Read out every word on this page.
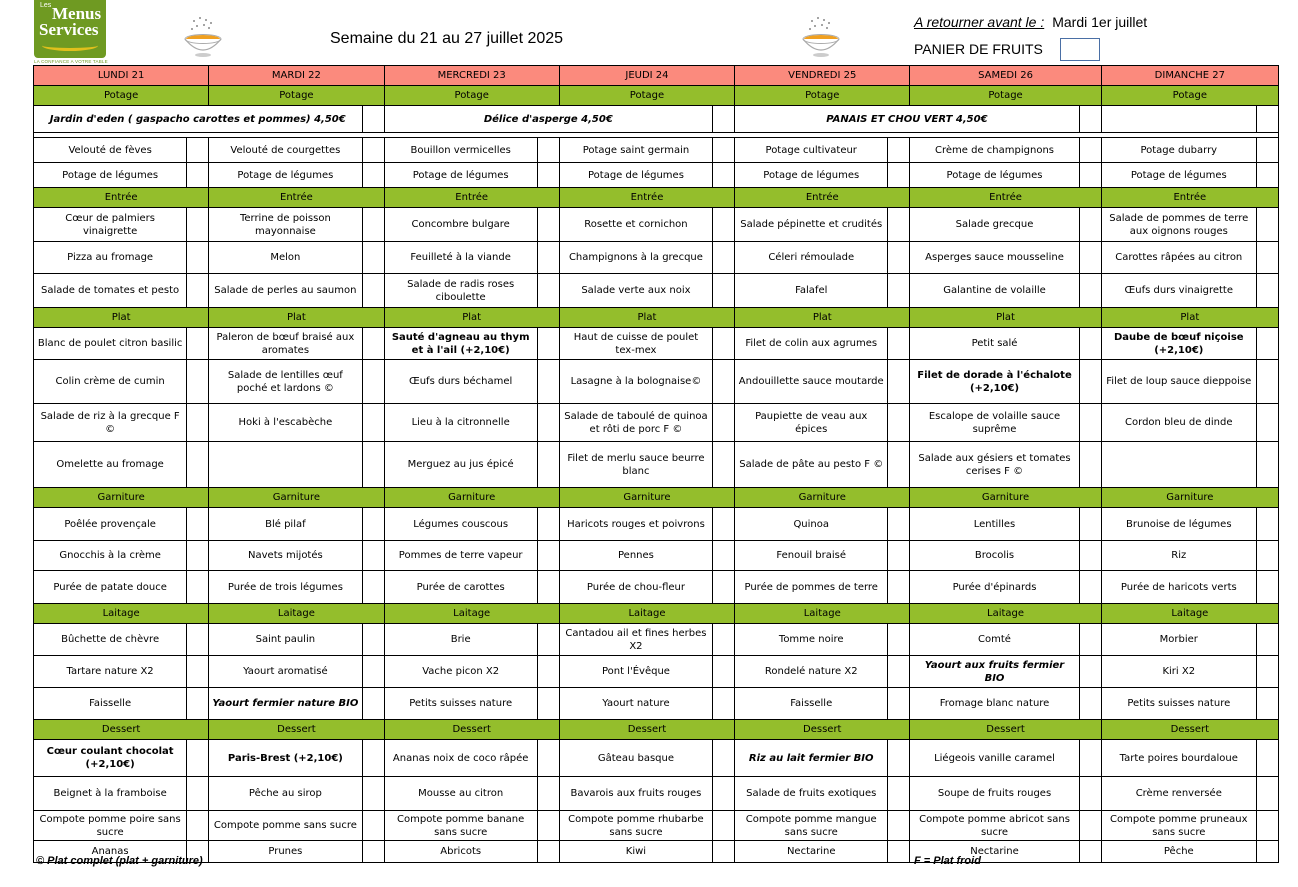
Les Menus
Services
LA CONFIANCE A VOTRE TABLE
Semaine du 21 au 27 juillet 2025
A retourner avant le : Mardi 1er juillet
PANIER DE FRUITS
LUNDI 21		MARDI 22		MERCREDI 23		JEUDI 24		VENDREDI 25		SAMEDI 26		DIMANCHE 27	
Potage		Potage		Potage		Potage		Potage		Potage		Potage	
Jardin d'eden ( gaspacho carottes et pommes) 4,50€				Délice d'asperge 4,50€				PANAIS ET CHOU VERT 4,50€					

Velouté de fèves		Velouté de courgettes		Bouillon vermicelles		Potage saint germain		Potage cultivateur		Crème de champignons		Potage dubarry	
Potage de légumes		Potage de légumes		Potage de légumes		Potage de légumes		Potage de légumes		Potage de légumes		Potage de légumes	
Entrée		Entrée		Entrée		Entrée		Entrée		Entrée		Entrée	
Cœur de palmiers vinaigrette		Terrine de poisson mayonnaise		Concombre bulgare		Rosette et cornichon		Salade pépinette et crudités		Salade grecque		Salade de pommes de terre aux oignons rouges	
Pizza au fromage		Melon		Feuilleté à la viande		Champignons à la grecque		Céleri rémoulade		Asperges sauce mousseline		Carottes râpées au citron	
Salade de tomates et pesto		Salade de perles au saumon		Salade de radis roses ciboulette		Salade verte aux noix		Falafel		Galantine de volaille		Œufs durs vinaigrette	
Plat		Plat		Plat		Plat		Plat		Plat		Plat	
Blanc de poulet citron basilic		Paleron de bœuf braisé aux aromates		Sauté d'agneau au thym et à l'ail (+2,10€)		Haut de cuisse de poulet tex-mex		Filet de colin aux agrumes		Petit salé		Daube de bœuf niçoise (+2,10€)	
Colin crème de cumin		Salade de lentilles œuf poché et lardons ©		Œufs durs béchamel		Lasagne à la bolognaise©		Andouillette sauce moutarde		Filet de dorade à l'échalote (+2,10€)		Filet de loup sauce dieppoise	
Salade de riz à la grecque F ©		Hoki à l'escabèche		Lieu à la citronnelle		Salade de taboulé de quinoa et rôti de porc F ©		Paupiette de veau aux épices		Escalope de volaille sauce suprême		Cordon bleu de dinde	
Omelette au fromage				Merguez au jus épicé		Filet de merlu sauce beurre blanc		Salade de pâte au pesto F ©		Salade aux gésiers et tomates cerises F ©			
Garniture		Garniture		Garniture		Garniture		Garniture		Garniture		Garniture	
Poêlée provençale		Blé pilaf		Légumes couscous		Haricots rouges et poivrons		Quinoa		Lentilles		Brunoise de légumes	
Gnocchis à la crème		Navets mijotés		Pommes de terre vapeur		Pennes		Fenouil braisé		Brocolis		Riz	
Purée de patate douce		Purée de trois légumes		Purée de carottes		Purée de chou-fleur		Purée de pommes de terre		Purée d'épinards		Purée de haricots verts	
Laitage		Laitage		Laitage		Laitage		Laitage		Laitage		Laitage	
Bûchette de chèvre		Saint paulin		Brie		Cantadou ail et fines herbes X2		Tomme noire		Comté		Morbier	
Tartare nature X2		Yaourt aromatisé		Vache picon X2		Pont l'Évêque		Rondelé nature X2		Yaourt aux fruits fermier BIO		Kiri X2	
Faisselle		Yaourt fermier nature BIO		Petits suisses nature		Yaourt nature		Faisselle		Fromage blanc nature		Petits suisses nature	
Dessert		Dessert		Dessert		Dessert		Dessert		Dessert		Dessert	
Cœur coulant chocolat (+2,10€)		Paris-Brest (+2,10€)		Ananas noix de coco râpée		Gâteau basque		Riz au lait fermier BIO		Liégeois vanille caramel		Tarte poires bourdaloue	
Beignet à la framboise		Pêche au sirop		Mousse au citron		Bavarois aux fruits rouges		Salade de fruits exotiques		Soupe de fruits rouges		Crème renversée	
Compote pomme poire sans sucre		Compote pomme sans sucre		Compote pomme banane sans sucre		Compote pomme rhubarbe sans sucre		Compote pomme mangue sans sucre		Compote pomme abricot sans sucre		Compote pomme pruneaux sans sucre	
Ananas		Prunes		Abricots		Kiwi		Nectarine		Nectarine		Pêche	
© Plat complet (plat + garniture)	F = Plat froid
